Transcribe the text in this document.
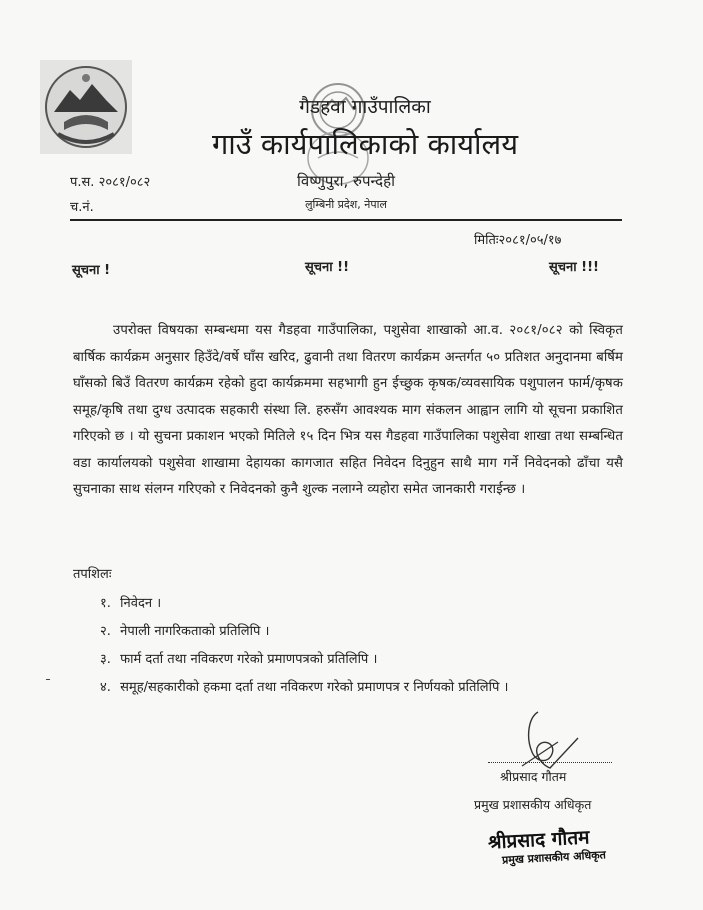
गैडहवा गाउँपालिका
गाउँ कार्यपालिकाको कार्यालय
विष्णुपुरा, रुपन्देही
लुम्बिनी प्रदेश, नेपाल
प.स. २०८१/०८२
च.नं.
मितिः२०८१/०५/१७
सूचना !	सूचना !!	सूचना !!!
उपरोक्त विषयका सम्बन्धमा यस गैडहवा गाउँपालिका, पशुसेवा शाखाको आ.व. २०८१/०८२ को स्विकृत बार्षिक कार्यक्रम अनुसार हिउँदे/वर्षे घाँस खरिद, ढुवानी तथा वितरण कार्यक्रम अन्तर्गत ५० प्रतिशत अनुदानमा बर्षिम घाँसको बिउँ वितरण कार्यक्रम रहेको हुदा कार्यक्रममा सहभागी हुन ईच्छुक कृषक/व्यवसायिक पशुपालन फार्म/कृषक समूह/कृषि तथा दुग्ध उत्पादक सहकारी संस्था लि. हरुसँग आवश्यक माग संकलन आह्वान लागि यो सूचना प्रकाशित गरिएको छ । यो सुचना प्रकाशन भएको मितिले १५ दिन भित्र यस गैडहवा गाउँपालिका पशुसेवा शाखा तथा सम्बन्धित वडा कार्यालयको पशुसेवा शाखामा देहायका कागजात सहित निवेदन दिनुहुन साथै माग गर्ने निवेदनको ढाँचा यसै सुचनाका साथ संलग्न गरिएको र निवेदनको कुनै शुल्क नलाग्ने व्यहोरा समेत जानकारी गराईन्छ ।
तपशिलः
१. निवेदन ।
२. नेपाली नागरिकताको प्रतिलिपि ।
३. फार्म दर्ता तथा नविकरण गरेको प्रमाणपत्रको प्रतिलिपि ।
४. समूह/सहकारीको हकमा दर्ता तथा नविकरण गरेको प्रमाणपत्र र निर्णयको प्रतिलिपि ।
श्रीप्रसाद गौतम
प्रमुख प्रशासकीय अधिकृत
श्रीप्रसाद गौतम
प्रमुख प्रशासकीय अधिकृत
